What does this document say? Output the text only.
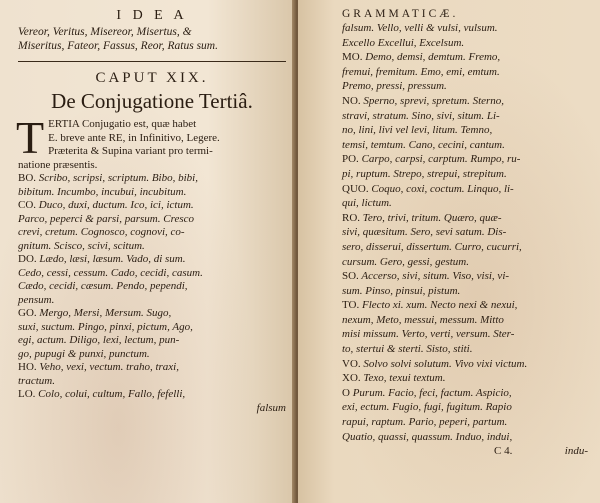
I D E A
Vereor, Veritus, Misereor, Misertus, &
Miseritus, Fateor, Fassus, Reor, Ratus sum.
CAPUT XIX.
De Conjugatione Tertiâ.
T ERTIA Conjugatio est, quæ habet
E. breve ante RE, in Infinitivo, Legere.
Præterita & Supina variant pro termi-
natione præsentis.

BO. Scribo, scripsi, scriptum. Bibo, bibi,

bibitum. Incumbo, incubui, incubitum.

CO. Duco, duxi, ductum. Ico, ici, ictum.

Parco, peperci & parsi, parsum. Cresco

crevi, cretum. Cognosco, cognovi, co-

gnitum. Scisco, scivi, scitum.

DO. Lædo, læsi, læsum. Vado, di sum.

Cedo, cessi, cessum. Cado, cecidi, casum.

Cædo, cecidi, cæsum. Pendo, pependi,

pensum.

GO. Mergo, Mersi, Mersum. Sugo,

suxi, suctum. Pingo, pinxi, pictum, Ago,

egi, actum. Diligo, lexi, lectum, pun-

go, pupugi & punxi, punctum.

HO. Veho, vexi, vectum. traho, traxi,

tractum.

LO. Colo, colui, cultum, Fallo, fefelli,

falsum

GRAMMATICÆ.

falsum. Vello, velli & vulsi, vulsum.

Excello Excellui, Excelsum.

MO. Demo, demsi, demtum. Fremo,

fremui, fremitum. Emo, emi, emtum.

Premo, pressi, pressum.

NO. Sperno, sprevi, spretum. Sterno,

stravi, stratum. Sino, sivi, situm. Li-

no, lini, livi vel levi, litum. Temno,

temsi, temtum. Cano, cecini, cantum.

PO. Carpo, carpsi, carptum. Rumpo, ru-

pi, ruptum. Strepo, strepui, strepitum.

QUO. Coquo, coxi, coctum. Linquo, li-

qui, lictum.

RO. Tero, trivi, tritum. Quæro, quæ-

sivi, quæsitum. Sero, sevi satum. Dis-

sero, disserui, dissertum. Curro, cucurri,

cursum. Gero, gessi, gestum.

SO. Accerso, sivi, situm. Viso, visi, vi-

sum. Pinso, pinsui, pistum.

TO. Flecto xi. xum. Necto nexi & nexui,

nexum, Meto, messui, messum. Mitto

misi missum. Verto, verti, versum. Ster-

to, stertui & sterti. Sisto, stiti.

VO. Solvo solvi solutum. Vivo vixi victum.

XO. Texo, texui textum.

O Purum. Facio, feci, factum. Aspicio,

exi, ectum. Fugio, fugi, fugitum. Rapio

rapui, raptum. Pario, peperi, partum.

Quatio, quassi, quassum. Induo, indui,

C 4.	indu-
